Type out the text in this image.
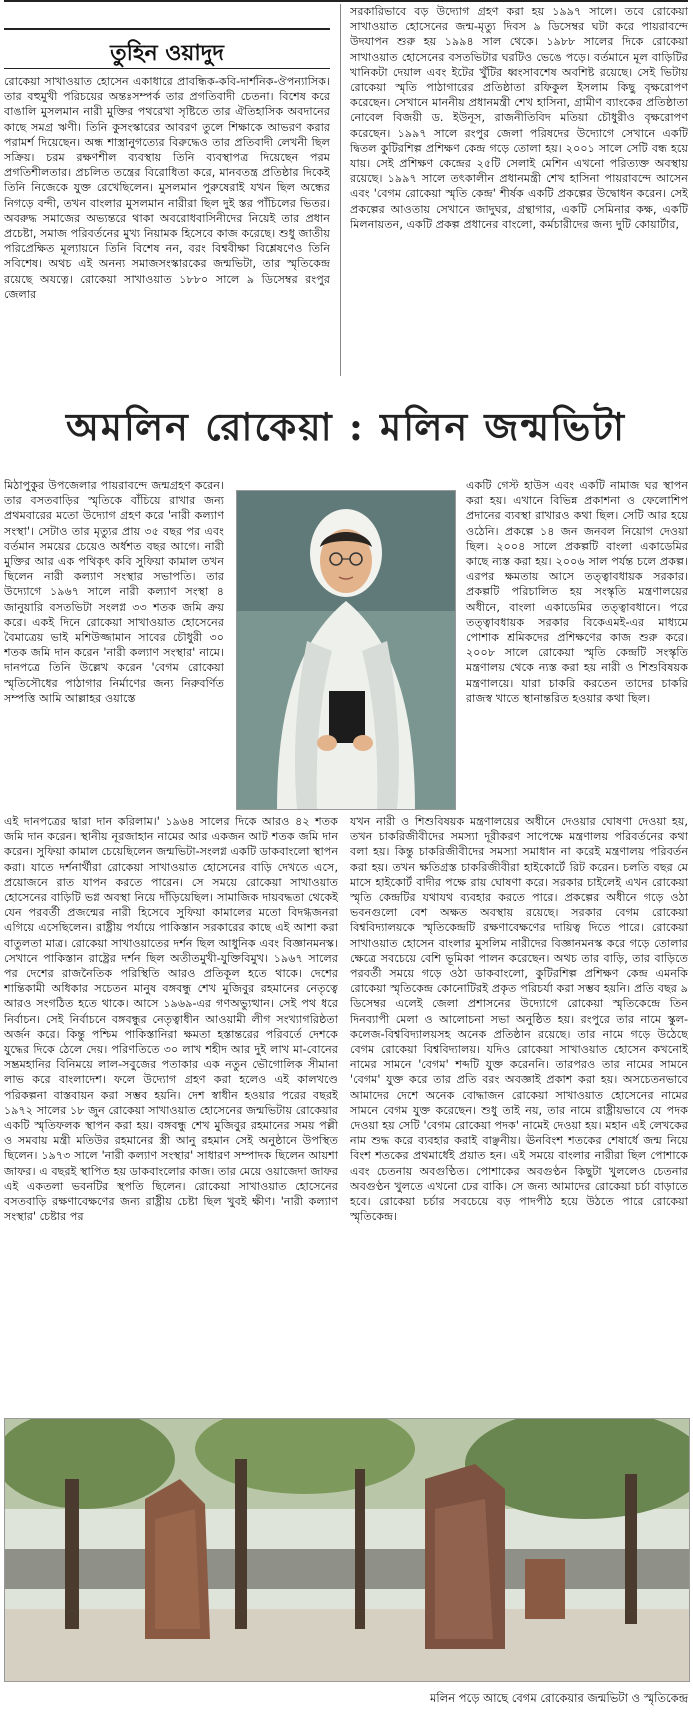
তুহিন ওয়াদুদ

রোকেয়া সাখাওয়াত হোসেন একাধারে প্রাবন্ধিক-কবি-দার্শনিক-ঔপন্যাসিক। তার বহুমুখী পরিচয়ের অন্তঃসম্পর্ক তার প্রগতিবাদী চেতনা। বিশেষ করে বাঙালি মুসলমান নারী মুক্তির পথরেখা সৃষ্টিতে তার ঐতিহাসিক অবদানের কাছে সমগ্র ঋণী। তিনি কুসংস্কারের আবরণ তুলে শিক্ষাকে আভরণ করার পরামর্শ দিয়েছেন। অন্ধ শাস্ত্রানুগত্যের বিরুদ্ধেও তার প্রতিবাদী লেখনী ছিল সক্রিয়। চরম রক্ষণশীল ব্যবস্থায় তিনি ব্যবস্থাপত্র দিয়েছেন পরম প্রগতিশীলতার। প্রচলিত তন্ত্রের বিরোধিতা করে, মানবতন্ত্র প্রতিষ্ঠার দিকেই তিনি নিজেকে যুক্ত রেখেছিলেন। মুসলমান পুরুষেরাই যখন ছিল অন্ধের নিগড়ে বন্দী, তখন বাংলার মুসলমান নারীরা ছিল দুই স্তর পাঁচিলের ভিতর। অবরুদ্ধ সমাজের অভ্যন্তরে থাকা অবরোধবাসিনীদের নিয়েই তার প্রধান প্রচেষ্টা, সমাজ পরিবর্তনের মুখ্য নিয়ামক হিসেবে কাজ করেছে। শুধু জাতীয় পরিপ্রেক্ষিত মূল্যায়নে তিনি বিশেষ নন, বরং বিশ্ববীক্ষা বিশ্লেষণেও তিনি সবিশেষ। অথচ এই অনন্য সমাজসংস্কারকের জন্মভিটা, তার স্মৃতিকেন্দ্র রয়েছে অযত্নে। রোকেয়া সাখাওয়াত ১৮৮০ সালে ৯ ডিসেম্বর রংপুর জেলার

সরকারিভাবে বড় উদ্যোগ গ্রহণ করা হয় ১৯৯৭ সালে। তবে রোকেয়া সাখাওয়াত হোসেনের জন্ম-মৃত্যু দিবস ৯ ডিসেম্বর ঘটা করে পায়রাবন্দে উদযাপন শুরু হয় ১৯৯৪ সাল থেকে। ১৯৮৮ সালের দিকে রোকেয়া সাখাওয়াত হোসেনের বসতভিটার ঘরটিও ভেঙে পড়ে। বর্তমানে মূল বাড়িটির খানিকটা দেয়াল এবং ইটের খুঁটির ধ্বংসাবশেষ অবশিষ্ট রয়েছে। সেই ভিটায় রোকেয়া স্মৃতি পাঠাগারের প্রতিষ্ঠাতা রফিকুল ইসলাম কিছু বৃক্ষরোপণ করেছেন। সেখানে মাননীয় প্রধানমন্ত্রী শেখ হাসিনা, গ্রামীণ ব্যাংকের প্রতিষ্ঠাতা নোবেল বিজয়ী ড. ইউনূস, রাজনীতিবিদ মতিয়া চৌধুরীও বৃক্ষরোপণ করেছেন। ১৯৯৭ সালে রংপুর জেলা পরিষদের উদ্যোগে সেখানে একটি দ্বিতল কুটিরশিল্প প্রশিক্ষণ কেন্দ্র গড়ে তোলা হয়। ২০০১ সালে সেটি বন্ধ হয়ে যায়। সেই প্রশিক্ষণ কেন্দ্রের ২৫টি সেলাই মেশিন এখনো পরিত্যক্ত অবস্থায় রয়েছে। ১৯৯৭ সালে তৎকালীন প্রধানমন্ত্রী শেখ হাসিনা পায়রাবন্দে আসেন এবং 'বেগম রোকেয়া স্মৃতি কেন্দ্র' শীর্ষক একটি প্রকল্পের উদ্বোধন করেন। সেই প্রকল্পের আওতায় সেখানে জাদুঘর, গ্রন্থাগার, একটি সেমিনার কক্ষ, একটি মিলনায়তন, একটি প্রকল্প প্রধানের বাংলো, কর্মচারীদের জন্য দুটি কোয়ার্টার,

অমলিন রোকেয়া : মলিন জন্মভিটা

মিঠাপুকুর উপজেলার পায়রাবন্দে জন্মগ্রহণ করেন। তার বসতবাড়ির স্মৃতিকে বাঁচিয়ে রাখার জন্য প্রথমবারের মতো উদ্যোগ গ্রহণ করে 'নারী কল্যাণ সংস্থা'। সেটাও তার মৃত্যুর প্রায় ৩৫ বছর পর এবং বর্তমান সময়ের চেয়েও অর্ধশত বছর আগে। নারী মুক্তির আর এক পথিকৃৎ কবি সুফিয়া কামাল তখন ছিলেন নারী কল্যাণ সংস্থার সভাপতি। তার উদ্যোগে ১৯৬৭ সালে নারী কল্যাণ সংস্থা ৪ জানুয়ারি বসতভিটা সংলগ্ন ৩৩ শতক জমি ক্রয় করে। একই দিনে রোকেয়া সাখাওয়াত হোসেনের বৈমাত্রেয় ভাই মশিউজ্জামান সাবের চৌধুরী ৩০ শতক জমি দান করেন 'নারী কল্যাণ সংস্থার' নামে। দানপত্রে তিনি উল্লেখ করেন 'বেগম রোকেয়া স্মৃতিসৌধের পাঠাগার নির্মাণের জন্য নিরুবর্ণিত সম্পত্তি আমি আল্লাহর ওয়াস্তে

একটি গেস্ট হাউস এবং একটি নামাজ ঘর স্থাপন করা হয়। এখানে বিভিন্ন প্রকাশনা ও ফেলোশিপ প্রদানের ব্যবস্থা রাখারও কথা ছিল। সেটি আর হয়ে ওঠেনি। প্রকল্পে ১৪ জন জনবল নিয়োগ দেওয়া ছিল। ২০০৪ সালে প্রকল্পটি বাংলা একাডেমির কাছে ন্যস্ত করা হয়। ২০০৬ সাল পর্যন্ত চলে প্রকল্প। এরপর ক্ষমতায় আসে তত্ত্বাবধায়ক সরকার। প্রকল্পটি পরিচালিত হয় সংস্কৃতি মন্ত্রণালয়ের অধীনে, বাংলা একাডেমির তত্ত্বাবধানে। পরে তত্ত্বাবধায়ক সরকার বিকেএমই-এর মাধ্যমে পোশাক শ্রমিকদের প্রশিক্ষণের কাজ শুরু করে। ২০০৮ সালে রোকেয়া স্মৃতি কেন্দ্রটি সংস্কৃতি মন্ত্রণালয় থেকে ন্যস্ত করা হয় নারী ও শিশুবিষয়ক মন্ত্রণালয়ে। যারা চাকরি করতেন তাদের চাকরি রাজস্ব খাতে স্থানান্তরিত হওয়ার কথা ছিল।

এই দানপত্রের দ্বারা দান করিলাম।' ১৯৬৪ সালের দিকে আরও ৪২ শতক জমি দান করেন। স্থানীয় নূরজাহান নামের আর একজন আট শতক জমি দান করেন। সুফিয়া কামাল চেয়েছিলেন জন্মভিটা-সংলগ্ন একটি ডাকবাংলো স্থাপন করা। যাতে দর্শনার্থীরা রোকেয়া সাখাওয়াত হোসেনের বাড়ি দেখতে এসে, প্রয়োজনে রাত যাপন করতে পারেন। সে সময়ে রোকেয়া সাখাওয়াত হোসেনের বাড়িটি ভগ্ন অবস্থা নিয়ে দাঁড়িয়েছিল। সামাজিক দায়বদ্ধতা থেকেই যেন পরবর্তী প্রজন্মের নারী হিসেবে সুফিয়া কামালের মতো বিদগ্ধজনরা এগিয়ে এসেছিলেন। রাষ্ট্রীয় পর্যায়ে পাকিস্তান সরকারের কাছে এই আশা করা বাতুলতা মাত্র। রোকেয়া সাখাওয়াতের দর্শন ছিল আধুনিক এবং বিজ্ঞানমনস্ক। সেখানে পাকিস্তান রাষ্ট্রের দর্শন ছিল অতীতমুখী-যুক্তিবিমুখ। ১৯৬৭ সালের পর দেশের রাজনৈতিক পরিস্থিতি আরও প্রতিকূল হতে থাকে। দেশের শান্তিকামী অধিকার সচেতন মানুষ বঙ্গবন্ধু শেখ মুজিবুর রহমানের নেতৃত্বে আরও সংগঠিত হতে থাকে। আসে ১৯৬৯-এর গণঅভ্যুত্থান। সেই পথ ধরে নির্বাচন। সেই নির্বাচনে বঙ্গবন্ধুর নেতৃত্বাধীন আওয়ামী লীগ সংখ্যাগরিষ্ঠতা অর্জন করে। কিন্তু পশ্চিম পাকিস্তানিরা ক্ষমতা হস্তান্তরের পরিবর্তে দেশকে যুদ্ধের দিকে ঠেলে দেয়। পরিণতিতে ৩০ লাখ শহীদ আর দুই লাখ মা-বোনের সম্ভ্রমহানির বিনিময়ে লাল-সবুজের পতাকার এক নতুন ভৌগোলিক সীমানা লাভ করে বাংলাদেশ। ফলে উদ্যোগ গ্রহণ করা হলেও এই কালখণ্ডে পরিকল্পনা বাস্তবায়ন করা সম্ভব হয়নি। দেশ স্বাধীন হওয়ার পরের বছরই ১৯৭২ সালের ১৮ জুন রোকেয়া সাখাওয়াত হোসেনের জন্মভিটায় রোকেয়ার একটি স্মৃতিফলক স্থাপন করা হয়। বঙ্গবন্ধু শেখ মুজিবুর রহমানের সময় পল্লী ও সমবায় মন্ত্রী মতিউর রহমানের স্ত্রী আনু রহমান সেই অনুষ্ঠানে উপস্থিত ছিলেন। ১৯৭৩ সালে 'নারী কল্যাণ সংস্থার' সাধারণ সম্পাদক ছিলেন আয়শা জাফর। এ বছরই স্থাপিত হয় ডাকবাংলোর কাজ। তার মেয়ে ওয়াজেদা জাফর এই একতলা ভবনটির স্থপতি ছিলেন। রোকেয়া সাখাওয়াত হোসেনের বসতবাড়ি রক্ষণাবেক্ষণের জন্য রাষ্ট্রীয় চেষ্টা ছিল খুবই ক্ষীণ। 'নারী কল্যাণ সংস্থার' চেষ্টার পর

যখন নারী ও শিশুবিষয়ক মন্ত্রণালয়ের অধীনে দেওয়ার ঘোষণা দেওয়া হয়, তখন চাকরিজীবীদের সমস্যা দূরীকরণ সাপেক্ষে মন্ত্রণালয় পরিবর্তনের কথা বলা হয়। কিন্তু চাকরিজীবীদের সমস্যা সমাধান না করেই মন্ত্রণালয় পরিবর্তন করা হয়। তখন ক্ষতিগ্রস্ত চাকরিজীবীরা হাইকোর্টে রিট করেন। চলতি বছর মে মাসে হাইকোর্ট বাদীর পক্ষে রায় ঘোষণা করে। সরকার চাইলেই এখন রোকেয়া স্মৃতি কেন্দ্রটির যথাযথ ব্যবহার করতে পারে। প্রকল্পের অধীনে গড়ে ওঠা ভবনগুলো বেশ অক্ষত অবস্থায় রয়েছে। সরকার বেগম রোকেয়া বিশ্ববিদ্যালয়কে স্মৃতিকেন্দ্রটি রক্ষণাবেক্ষণের দায়িত্ব দিতে পারে। রোকেয়া সাখাওয়াত হোসেন বাংলার মুসলিম নারীদের বিজ্ঞানমনস্ক করে গড়ে তোলার ক্ষেত্রে সবচেয়ে বেশি ভূমিকা পালন করেছেন। অথচ তার বাড়ি, তার বাড়িতে পরবর্তী সময়ে গড়ে ওঠা ডাকবাংলো, কুটিরশিল্প প্রশিক্ষণ কেন্দ্র এমনকি রোকেয়া স্মৃতিকেন্দ্র কোনোটিরই প্রকৃত পরিচর্যা করা সম্ভব হয়নি। প্রতি বছর ৯ ডিসেম্বর এলেই জেলা প্রশাসনের উদ্যোগে রোকেয়া স্মৃতিকেন্দ্রে তিন দিনব্যাপী মেলা ও আলোচনা সভা অনুষ্ঠিত হয়। রংপুরে তার নামে স্কুল-কলেজ-বিশ্ববিদ্যালয়সহ অনেক প্রতিষ্ঠান রয়েছে। তার নামে গড়ে উঠেছে বেগম রোকেয়া বিশ্ববিদ্যালয়। যদিও রোকেয়া সাখাওয়াত হোসেন কখনোই নামের সামনে 'বেগম' শব্দটি যুক্ত করেননি। তারপরও তার নামের সামনে 'বেগম' যুক্ত করে তার প্রতি বরং অবজ্ঞাই প্রকাশ করা হয়। অসচেতনভাবে আমাদের দেশে অনেক বোদ্ধাজন রোকেয়া সাখাওয়াত হোসেনের নামের সামনে বেগম যুক্ত করেছেন। শুধু তাই নয়, তার নামে রাষ্ট্রীয়ভাবে যে পদক দেওয়া হয় সেটি 'বেগম রোকেয়া পদক' নামেই দেওয়া হয়। মহান এই লেখকের নাম শুদ্ধ করে ব্যবহার করাই বাঞ্ছনীয়। ঊনবিংশ শতকের শেষার্ধে জন্ম নিয়ে বিংশ শতকের প্রথমার্ধেই প্রয়াত হন। এই সময়ে বাংলার নারীরা ছিল পোশাকে এবং চেতনায় অবগুণ্ঠিত। পোশাকের অবগুণ্ঠন কিছুটা খুললেও চেতনার অবগুণ্ঠন খুলতে এখনো ঢের বাকি। সে জন্য আমাদের রোকেয়া চর্চা বাড়াতে হবে। রোকেয়া চর্চার সবচেয়ে বড় পাদপীঠ হয়ে উঠতে পারে রোকেয়া স্মৃতিকেন্দ্র।

মলিন পড়ে আছে বেগম রোকেয়ার জন্মভিটা ও স্মৃতিকেন্দ্র
